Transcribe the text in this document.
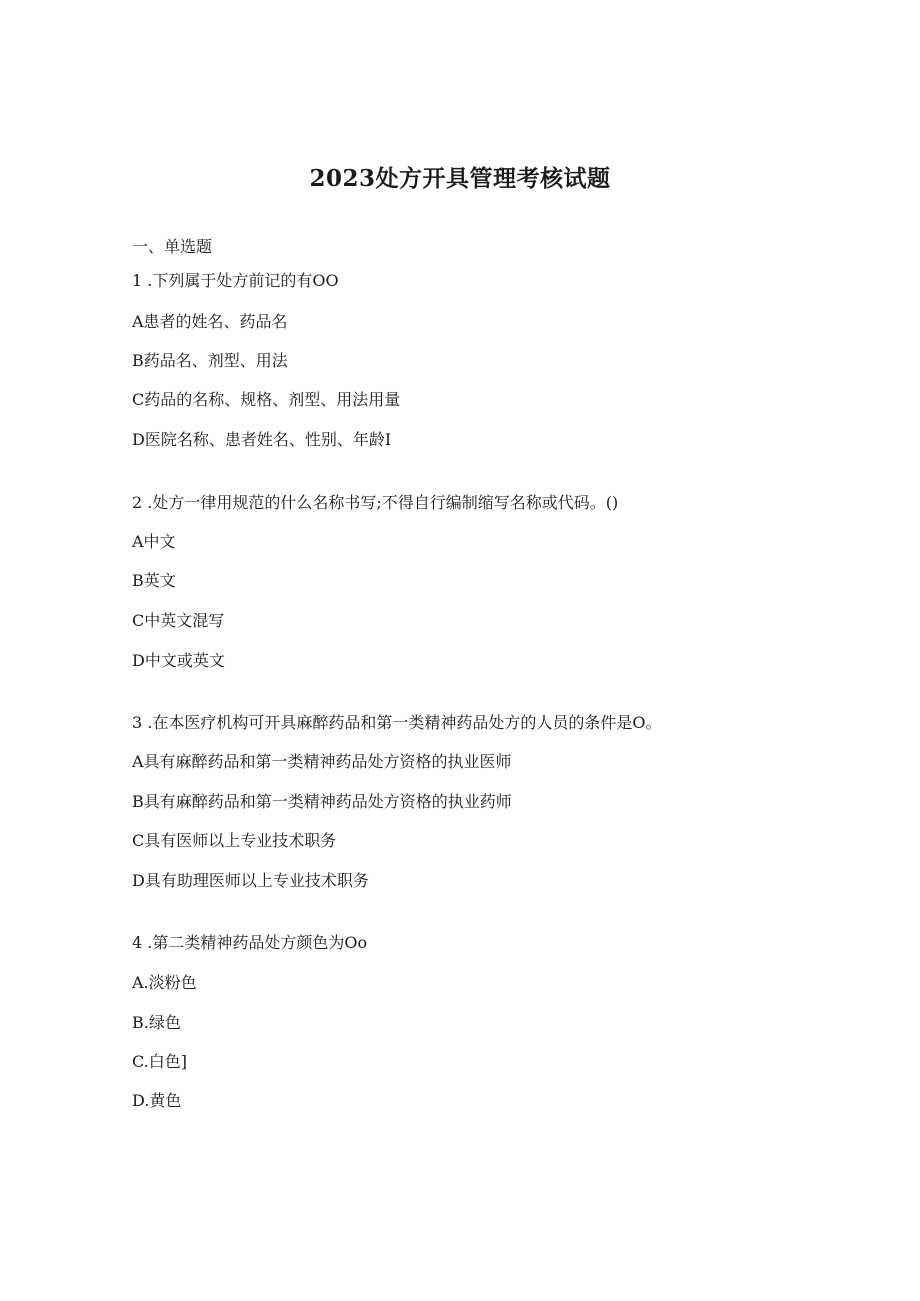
2023处方开具管理考核试题
一、单选题
1 .下列属于处方前记的有OO
A患者的姓名、药品名
B药品名、剂型、用法
C药品的名称、规格、剂型、用法用量
D医院名称、患者姓名、性别、年龄I
2 .处方一律用规范的什么名称书写;不得自行编制缩写名称或代码。()
A中文
B英文
C中英文混写
D中文或英文
3 .在本医疗机构可开具麻醉药品和第一类精神药品处方的人员的条件是O。
A具有麻醉药品和第一类精神药品处方资格的执业医师
B具有麻醉药品和第一类精神药品处方资格的执业药师
C具有医师以上专业技术职务
D具有助理医师以上专业技术职务
4 .第二类精神药品处方颜色为Oo
A.淡粉色
B.绿色
C.白色]
D.黄色
